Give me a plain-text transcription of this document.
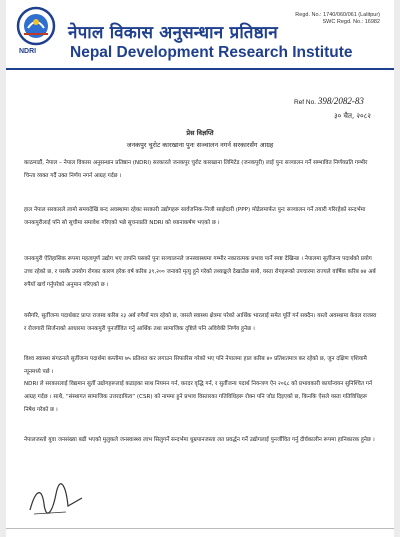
NDRI
Regd. No.: 1740/060/061 (Lalitpur)
SWC Regd. No.: 16982
नेपाल विकास अनुसन्धान प्रतिष्ठान
Nepal Development Research Institute
Ref No. 398/2082-83
३० चैत, २०८२
प्रेस विज्ञप्ति
जनकपुर चुरोट कारखाना पुनः सञ्चालन नगर्न सरकारसँग आग्रह
काठमाडौं, नेपाल – नेपाल विकास अनुसन्धान प्रतिष्ठान (NDRI) सरकारले जनकपुर चुरोट कारखाना लिमिटेड (जनकपुरी) लाई पुनः सञ्चालन गर्ने सम्भावित निर्णयप्रति गम्भीर चिन्ता व्यक्त गर्दै उक्त निर्णय नगर्न आग्रह गर्दछ ।
हाल नेपाल सरकारले लामो समयदेखि बन्द अवस्थामा रहेका सरकारी उद्योगहरू सार्वजनिक-निजी साझेदारी (PPP) मोडेलमार्फत पुनः सञ्चालन गर्ने तयारी गरिरहेको सन्दर्भमा जनकपुरीलाई पनि सो सूचीमा समावेश गरिएको भन्ने सूचनाप्रति NDRI को ध्यानाकर्षण भएको छ ।
जनकपुरी ऐतिहासिक रूपमा महत्वपूर्ण उद्योग भए तापनि यसको पुनः सञ्चालनले जनस्वास्थ्यमा गम्भीर नकारात्मक प्रभाव पार्ने स्पष्ट देखिन्छ । नेपालमा सुर्तीजन्य पदार्थको प्रयोग उच्च रहेको छ, र यसकै उपयोग रोगका कारण हरेक वर्ष करिब ३९,२०० जनाको मृत्यु हुने गरेको तथ्याङ्कले देखाउँछ साथै, यस्ता रोगहरूको उपचारमा राज्यले वार्षिक करिब ७४ अर्ब रुपैयाँ खर्च गर्नुपरेको अनुमान गरिएको छ ।
यसैगरि, सुर्तीजन्य पदार्थबाट प्राप्त राजस्व करिब २३ अर्ब रुपैयाँ मात्र रहेको छ, जसले स्वास्थ्य क्षेत्रमा परेको आर्थिक भारलाई समेत पूर्ति गर्न सक्दैन। यस्तो अवस्थामा केवल राजस्व र रोजगारी सिर्जनाको आधारमा जनकपुरी पुनर्जीवित गर्नु आर्थिक तथा सामाजिक दृष्टिले पनि अविवेकी निर्णय हुनेछ ।
विश्व स्वास्थ्य संगठनले सुर्तीजन्य पदार्थमा कम्तीमा ७५ प्रतिशत कर लगाउन सिफारिस गरेको भए पनि नेपालमा हाल करिब ४० प्रतिशतमात्र कर रहेको छ, जुन दक्षिण एशियामै न्यूनमध्ये पर्छ ।
NDRI ले सरकारलाई विद्यमान सुर्ती उद्योगहरूलाई कडाइका साथ नियमन गर्न, करदर वृद्धि गर्न, र सुर्तीजन्य पदार्थ नियन्त्रण ऐन २०६८ को प्रभावकारी कार्यान्वयन सुनिश्चित गर्न आग्रह गर्दछ । साथै, “संस्थागत सामाजिक उत्तरदायित्व” (CSR) को नाममा हुने प्रभाव विस्तारका गतिविधिहरू रोक्न पनि जोड दिइएको छ, किनकि ऐसले यस्ता गतिविधिहरू निषेध गरेको छ ।
नेपालजस्तो युवा जनसंख्या बढी भएको मुलुकले जनस्वास्थ्य लाभ सिलुगर्ने सन्दर्भमा धुम्रपानजस्ता लत प्रवर्द्धन गर्ने उद्योगलाई पुनर्जीवित गर्नु दीर्घकालीन रूपमा हानिकारक हुनेछ ।
